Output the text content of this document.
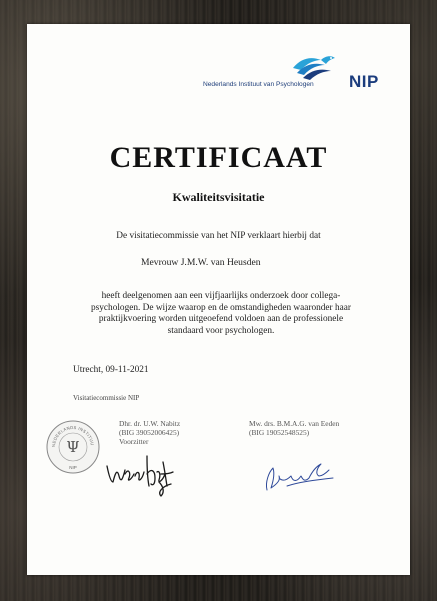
Nederlands Instituut van Psychologen NIP
CERTIFICAAT
Kwaliteitsvisitatie
De visitatiecommissie van het NIP verklaart hierbij dat
Mevrouw J.M.W. van Heusden
heeft deelgenomen aan een vijfjaarlijks onderzoek door collega-
psychologen. De wijze waarop en de omstandigheden waaronder haar
praktijkvoering worden uitgeoefend voldoen aan de professionele
standaard voor psychologen.
Utrecht, 09-11-2021
Visitatiecommissie NIP
NEDERLANDS INSTITUU
Ψ
NIP
Dhr. dr. U.W. Nabitz
(BIG 39052006425)
Voorzitter
Mw. drs. B.M.A.G. van Eeden
(BIG 19052548525)
